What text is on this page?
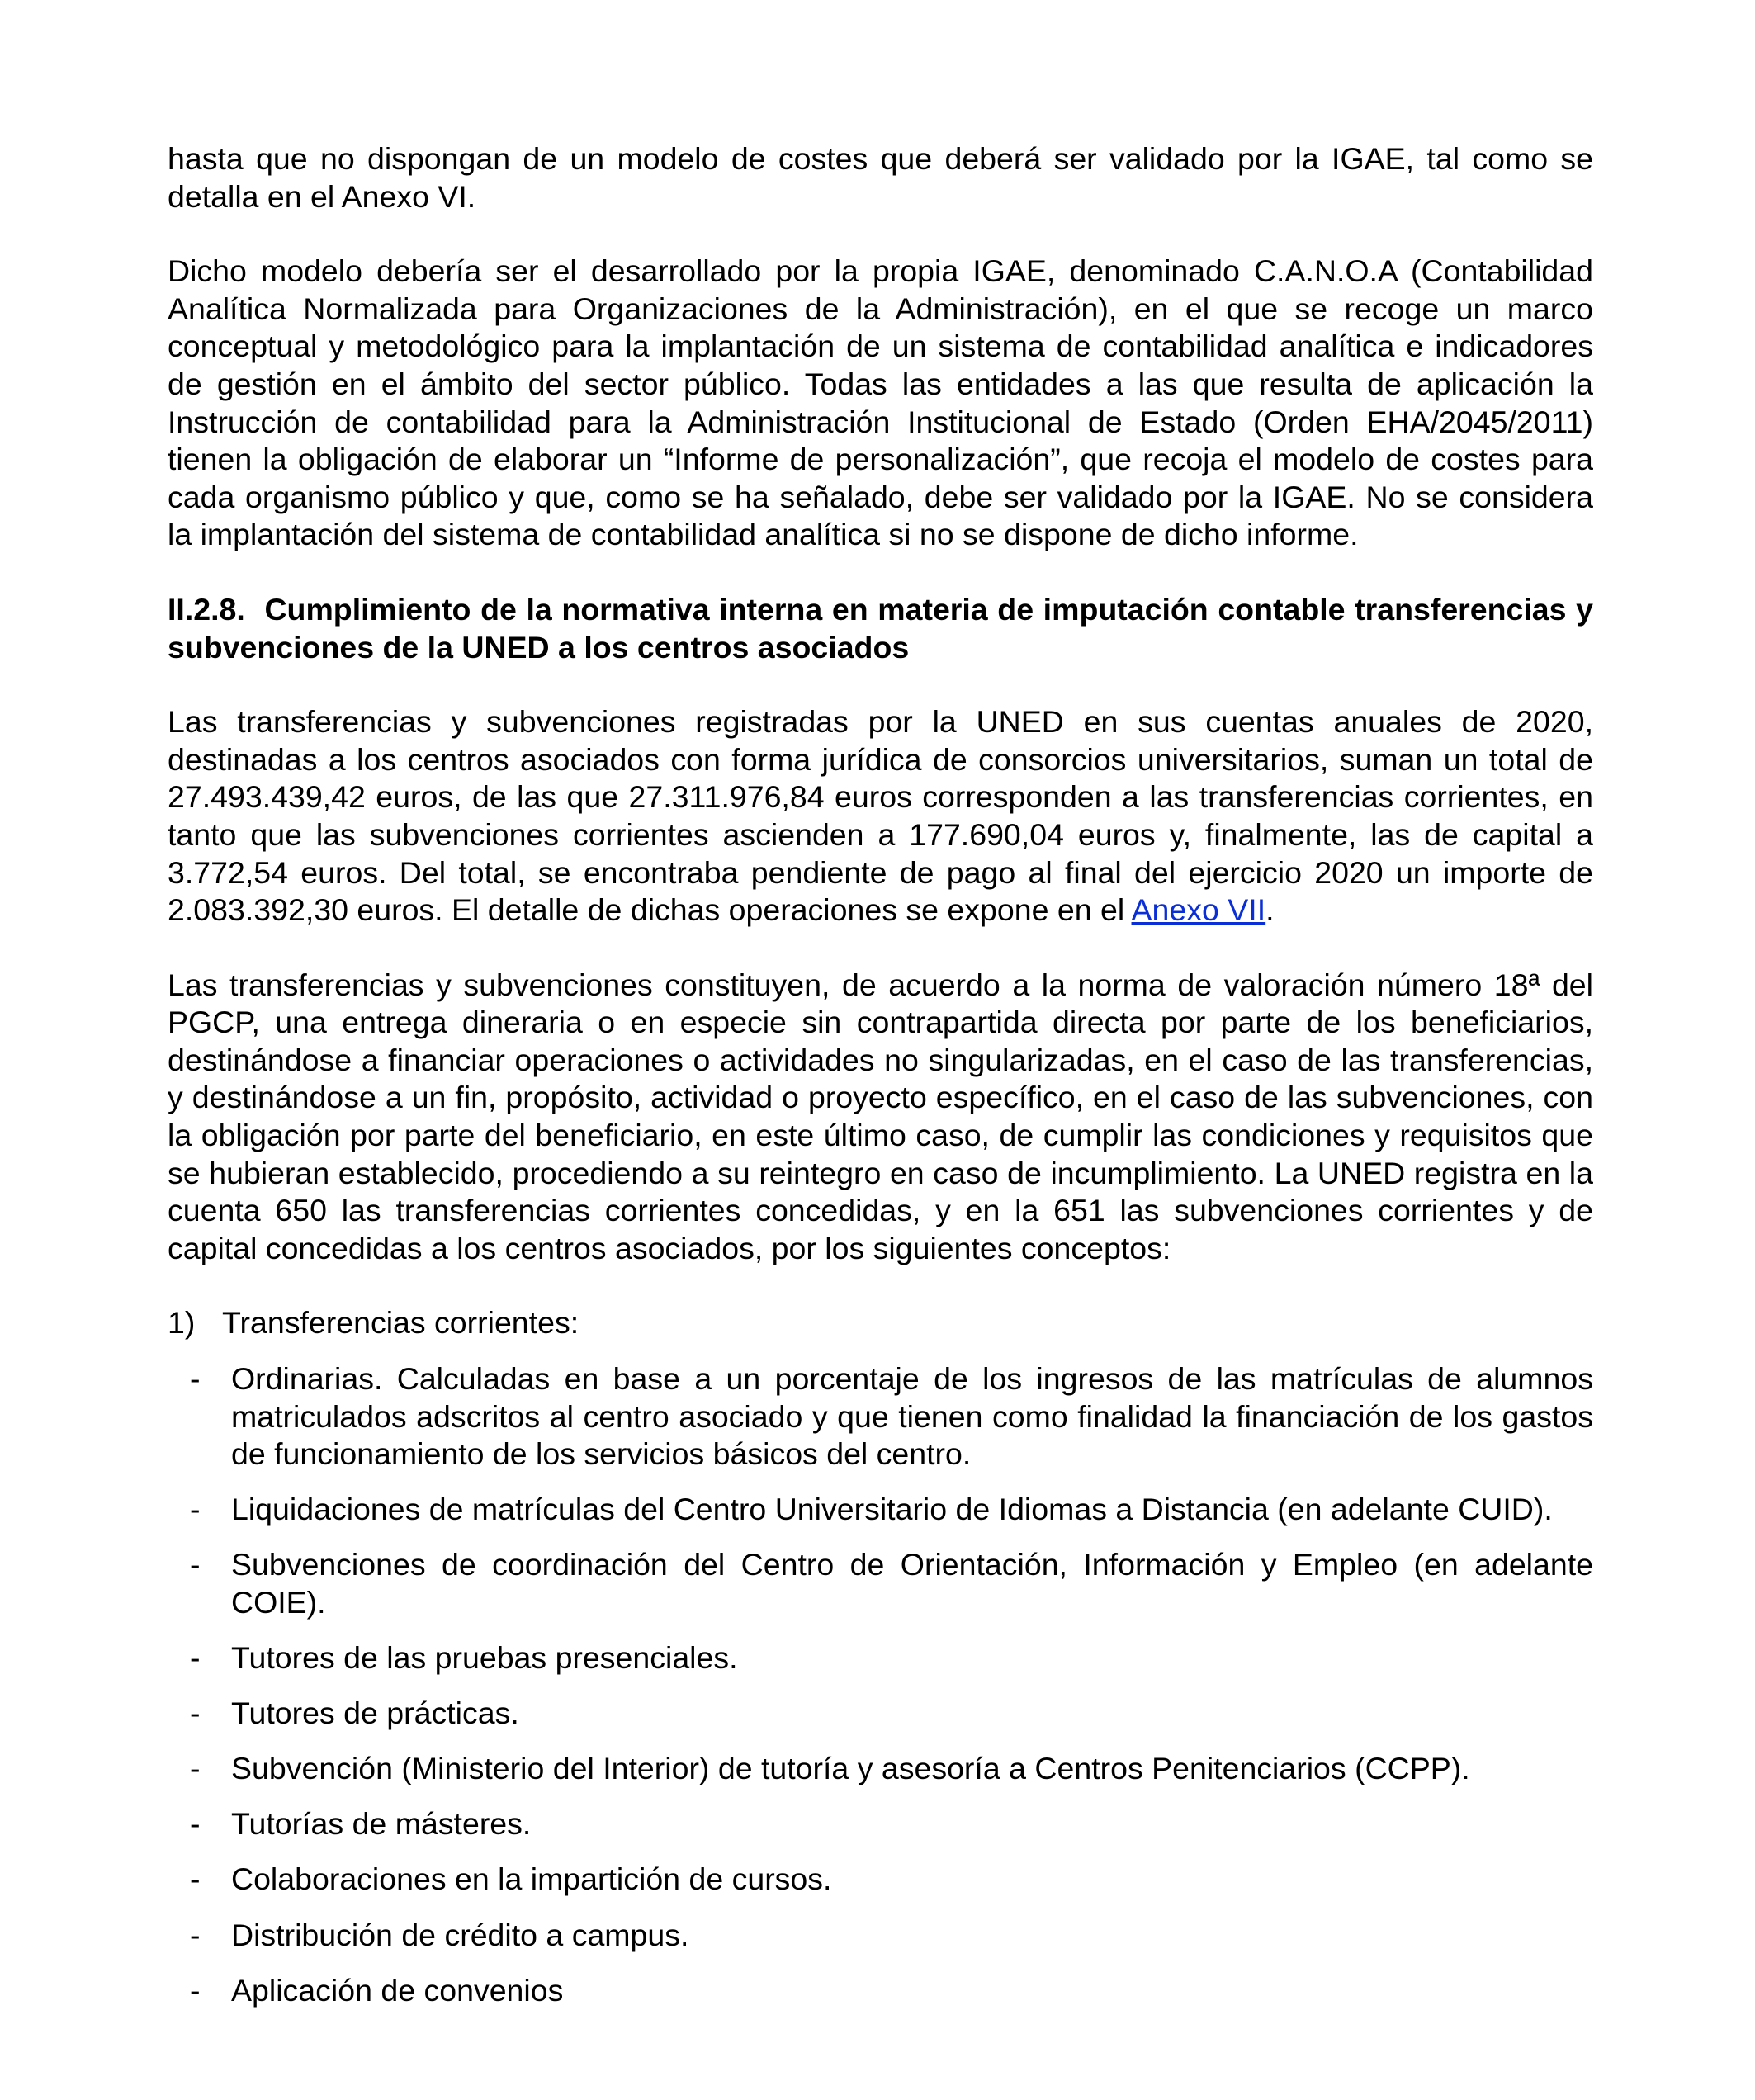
hasta que no dispongan de un modelo de costes que deberá ser validado por la IGAE, tal como se detalla en el Anexo VI.

Dicho modelo debería ser el desarrollado por la propia IGAE, denominado C.A.N.O.A (Contabilidad Analítica Normalizada para Organizaciones de la Administración), en el que se recoge un marco conceptual y metodológico para la implantación de un sistema de contabilidad analítica e indicadores de gestión en el ámbito del sector público. Todas las entidades a las que resulta de aplicación la Instrucción de contabilidad para la Administración Institucional de Estado (Orden EHA/2045/2011) tienen la obligación de elaborar un “Informe de personalización”, que recoja el modelo de costes para cada organismo público y que, como se ha señalado, debe ser validado por la IGAE. No se considera la implantación del sistema de contabilidad analítica si no se dispone de dicho informe.

II.2.8. Cumplimiento de la normativa interna en materia de imputación contable transferencias y subvenciones de la UNED a los centros asociados

Las transferencias y subvenciones registradas por la UNED en sus cuentas anuales de 2020, destinadas a los centros asociados con forma jurídica de consorcios universitarios, suman un total de 27.493.439,42 euros, de las que 27.311.976,84 euros corresponden a las transferencias corrientes, en tanto que las subvenciones corrientes ascienden a 177.690,04 euros y, finalmente, las de capital a 3.772,54 euros. Del total, se encontraba pendiente de pago al final del ejercicio 2020 un importe de 2.083.392,30 euros. El detalle de dichas operaciones se expone en el Anexo VII.

Las transferencias y subvenciones constituyen, de acuerdo a la norma de valoración número 18ª del PGCP, una entrega dineraria o en especie sin contrapartida directa por parte de los beneficiarios, destinándose a financiar operaciones o actividades no singularizadas, en el caso de las transferencias, y destinándose a un fin, propósito, actividad o proyecto específico, en el caso de las subvenciones, con la obligación por parte del beneficiario, en este último caso, de cumplir las condiciones y requisitos que se hubieran establecido, procediendo a su reintegro en caso de incumplimiento. La UNED registra en la cuenta 650 las transferencias corrientes concedidas, y en la 651 las subvenciones corrientes y de capital concedidas a los centros asociados, por los siguientes conceptos:

1) Transferencias corrientes:
-	Ordinarias. Calculadas en base a un porcentaje de los ingresos de las matrículas de alumnos matriculados adscritos al centro asociado y que tienen como finalidad la financiación de los gastos de funcionamiento de los servicios básicos del centro.
-	Liquidaciones de matrículas del Centro Universitario de Idiomas a Distancia (en adelante CUID).
-	Subvenciones de coordinación del Centro de Orientación, Información y Empleo (en adelante COIE).
-	Tutores de las pruebas presenciales.
-	Tutores de prácticas.
-	Subvención (Ministerio del Interior) de tutoría y asesoría a Centros Penitenciarios (CCPP).
-	Tutorías de másteres.
-	Colaboraciones en la impartición de cursos.
-	Distribución de crédito a campus.
-	Aplicación de convenios
